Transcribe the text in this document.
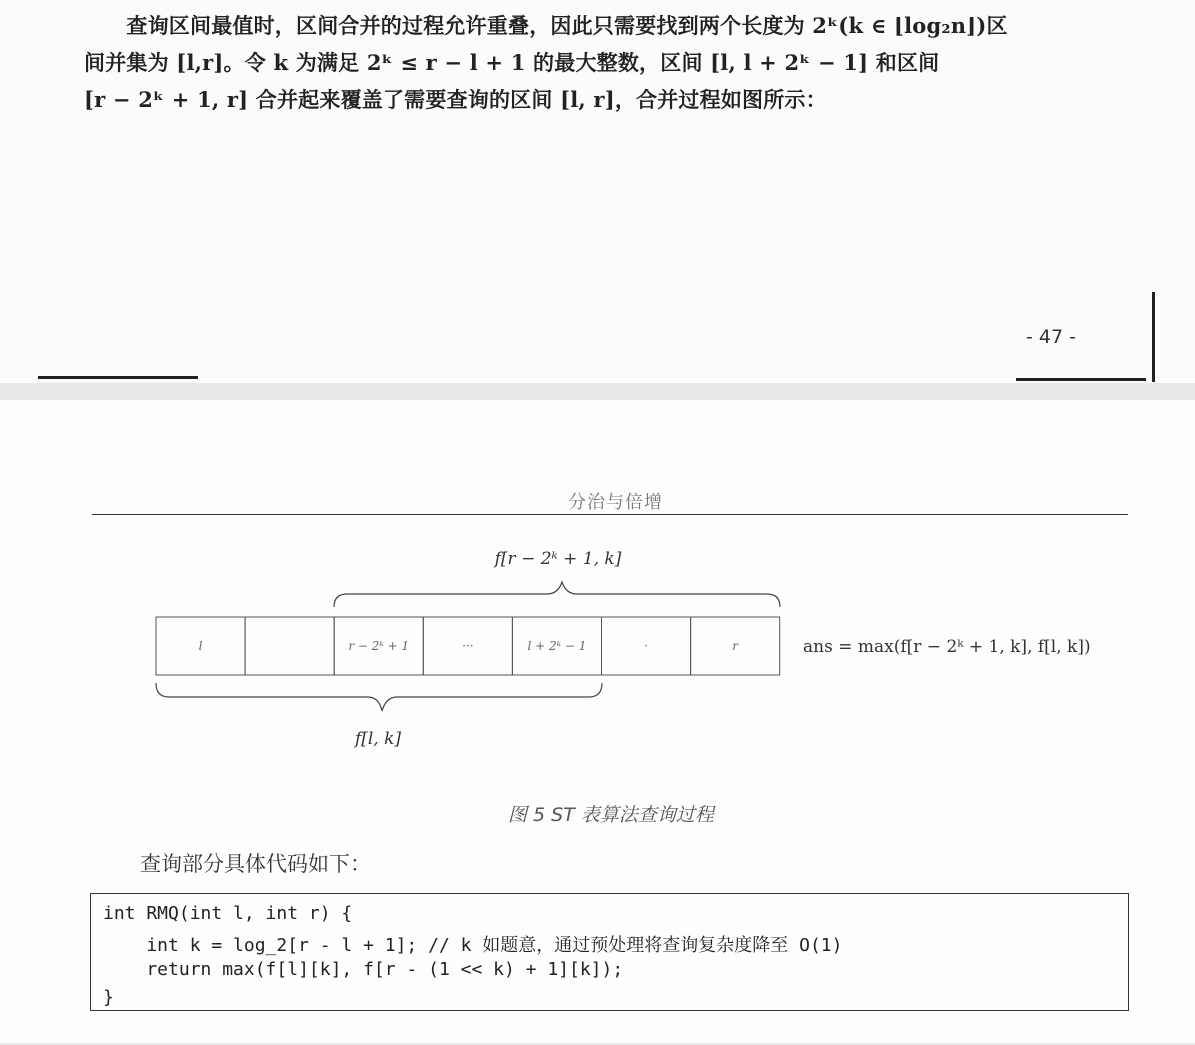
　　查询区间最值时，区间合并的过程允许重叠，因此只需要找到两个长度为 2ᵏ(k ∈ ⌊log₂n⌋)区
间并集为 [l,r]。令 k 为满足 2ᵏ ≤ r − l + 1 的最大整数，区间 [l, l + 2ᵏ − 1] 和区间
[r − 2ᵏ + 1, r] 合并起来覆盖了需要查询的区间 [l, r]，合并过程如图所示：
- 47 -
分治与倍增
l	r − 2ᵏ + 1	···	l + 2ᵏ − 1	·	r
f[r − 2ᵏ + 1, k]
f[l, k]
ans = max(f[r − 2ᵏ + 1, k], f[l, k])
图 5 ST 表算法查询过程
查询部分具体代码如下：
int RMQ(int l, int r) {
int k = log_2[r - l + 1]; // k 如题意，通过预处理将查询复杂度降至 O(1)
return max(f[l][k], f[r - (1 << k) + 1][k]);
}
